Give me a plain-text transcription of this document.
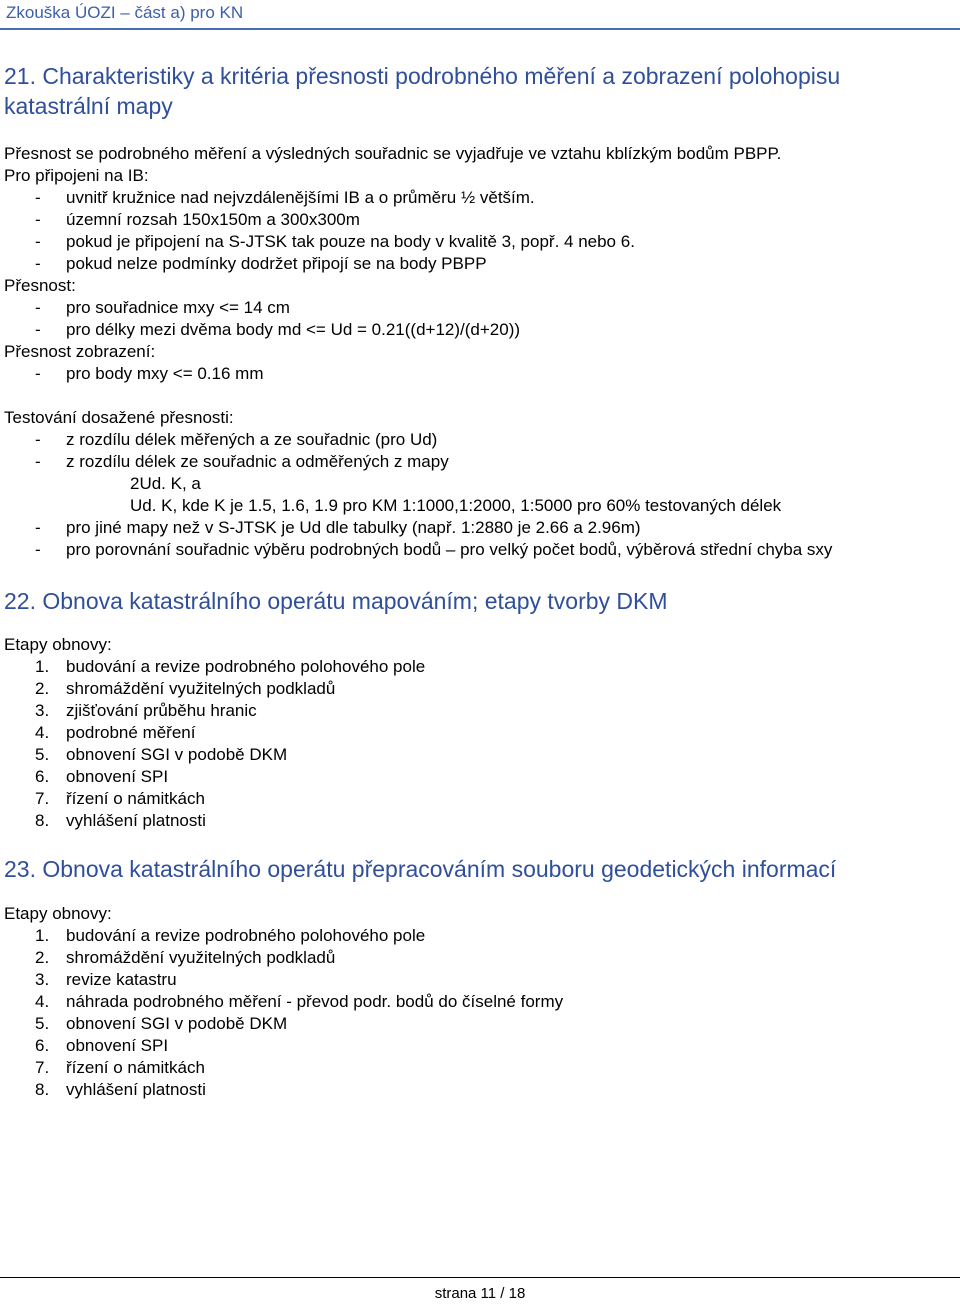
Zkouška ÚOZI – část a) pro KN
21. Charakteristiky a kritéria přesnosti podrobného měření a zobrazení polohopisu
katastrální mapy
Přesnost se podrobného měření a výsledných souřadnic se vyjadřuje ve vztahu kblízkým bodům PBPP.
Pro připojeni na IB:
- uvnitř kružnice nad nejvzdálenějšími IB a o průměru ½ větším.
- územní rozsah 150x150m a 300x300m
- pokud je připojení na S-JTSK tak pouze na body v kvalitě 3, popř. 4 nebo 6.
- pokud nelze podmínky dodržet připojí se na body PBPP
Přesnost:
- pro souřadnice mxy <= 14 cm
- pro délky mezi dvěma body md <= Ud = 0.21((d+12)/(d+20))
Přesnost zobrazení:
- pro body mxy <= 0.16 mm
Testování dosažené přesnosti:
- z rozdílu délek měřených a ze souřadnic (pro Ud)
- z rozdílu délek ze souřadnic a odměřených z mapy
2Ud. K, a
Ud. K, kde K je 1.5, 1.6, 1.9 pro KM 1:1000,1:2000, 1:5000 pro 60% testovaných délek
- pro jiné mapy než v S-JTSK je Ud dle tabulky (např. 1:2880 je 2.66 a 2.96m)
- pro porovnání souřadnic výběru podrobných bodů – pro velký počet bodů, výběrová střední chyba sxy
22. Obnova katastrálního operátu mapováním; etapy tvorby DKM
Etapy obnovy:
1. budování a revize podrobného polohového pole
2. shromáždění využitelných podkladů
3. zjišťování průběhu hranic
4. podrobné měření
5. obnovení SGI v podobě DKM
6. obnovení SPI
7. řízení o námitkách
8. vyhlášení platnosti
23. Obnova katastrálního operátu přepracováním souboru geodetických informací
Etapy obnovy:
1. budování a revize podrobného polohového pole
2. shromáždění využitelných podkladů
3. revize katastru
4. náhrada podrobného měření - převod podr. bodů do číselné formy
5. obnovení SGI v podobě DKM
6. obnovení SPI
7. řízení o námitkách
8. vyhlášení platnosti
strana 11 / 18
